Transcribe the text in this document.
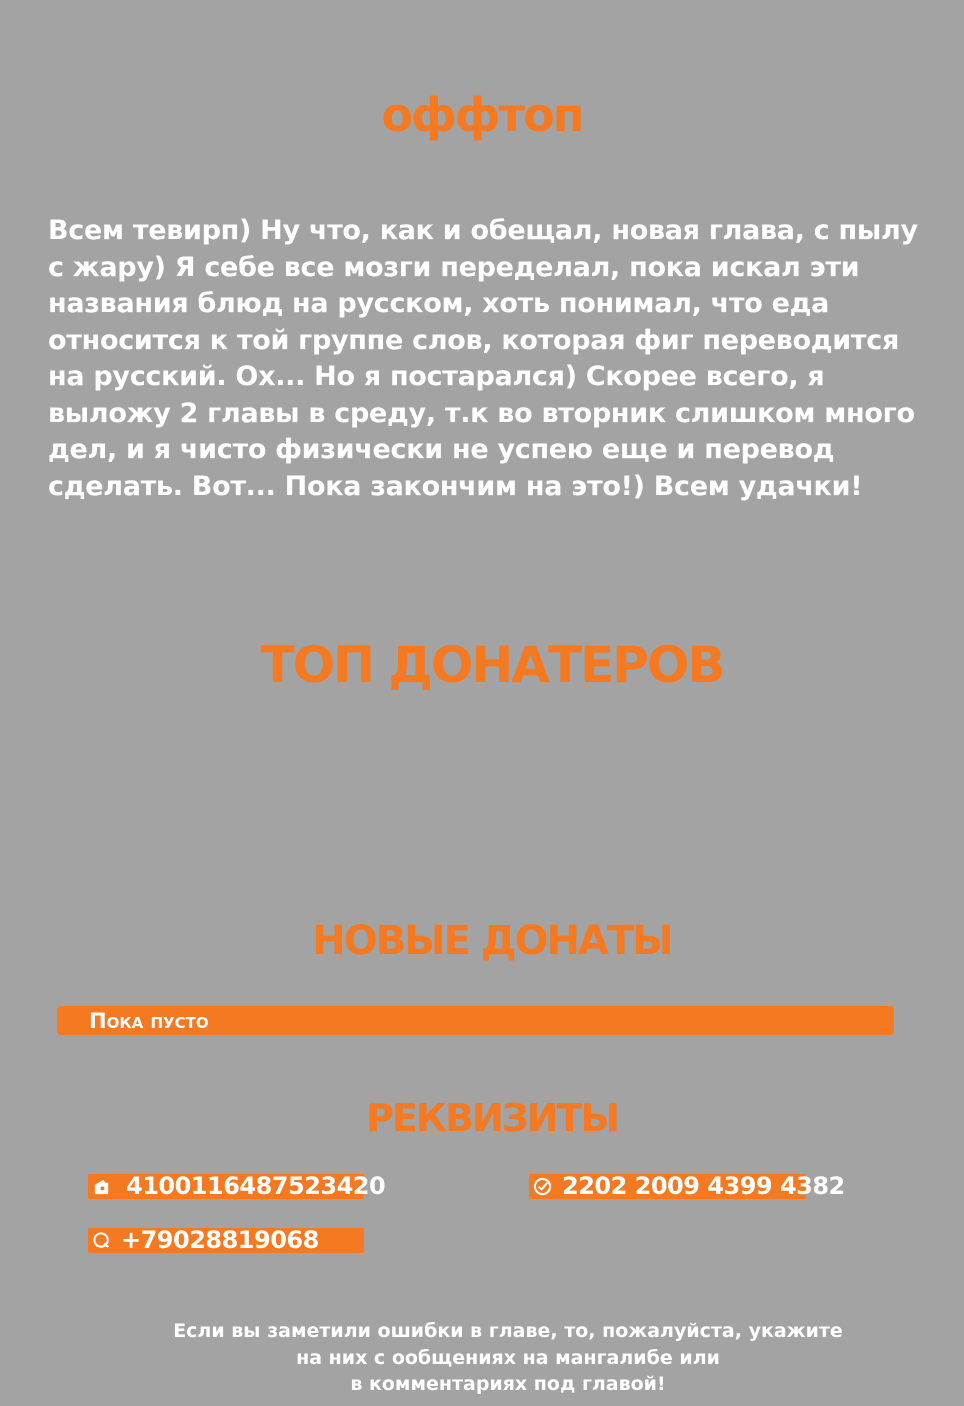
оффтоп

Всем тевирп) Ну что, как и обещал, новая глава, с пылу с жару) Я себе все мозги переделал, пока искал эти названия блюд на русском, хоть понимал, что еда относится к той группе слов, которая фиг переводится на русский. Ох... Но я постарался) Скорее всего, я выложу 2 главы в среду, т.к во вторник слишком много дел, и я чисто физически не успею еще и перевод сделать. Вот... Пока закончим на это!) Всем удачки!

ТОП ДОНАТЕРОВ
НОВЫЕ ДОНАТЫ
Пока пусто
РЕКВИЗИТЫ
4100116487523420	2202 2009 4399 4382
+79028819068

Если вы заметили ошибки в главе, то, пожалуйста, укажите
на них с ообщениях на мангалибе или
в комментариях под главой!
